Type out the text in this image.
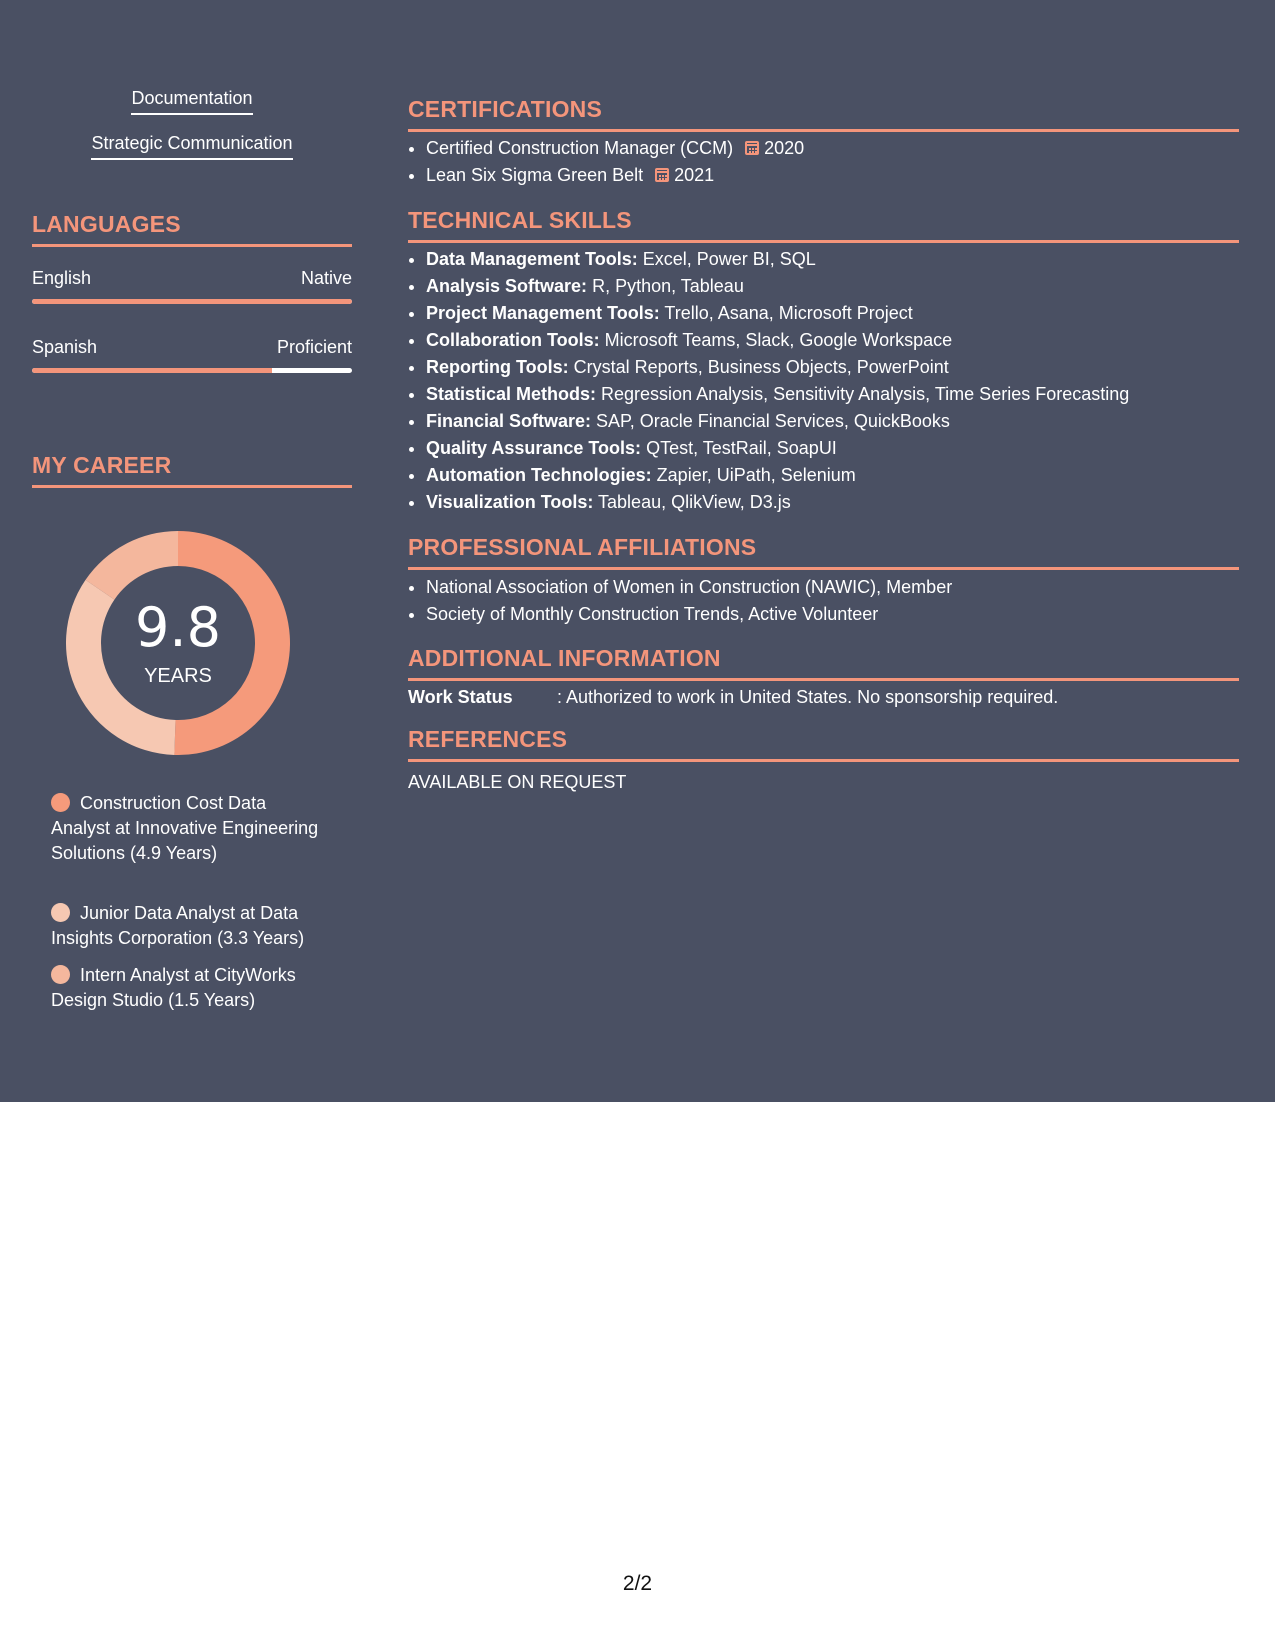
Documentation
Strategic Communication
LANGUAGES
English	Native
Spanish	Proficient
MY CAREER
9.8
YEARS
Construction Cost Data Analyst at Innovative Engineering Solutions (4.9 Years)
Junior Data Analyst at Data Insights Corporation (3.3 Years)
Intern Analyst at CityWorks Design Studio (1.5 Years)
CERTIFICATIONS
• Certified Construction Manager (CCM) 2020
• Lean Six Sigma Green Belt 2021
TECHNICAL SKILLS
• Data Management Tools: Excel, Power BI, SQL
• Analysis Software: R, Python, Tableau
• Project Management Tools: Trello, Asana, Microsoft Project
• Collaboration Tools: Microsoft Teams, Slack, Google Workspace
• Reporting Tools: Crystal Reports, Business Objects, PowerPoint
• Statistical Methods: Regression Analysis, Sensitivity Analysis, Time Series Forecasting
• Financial Software: SAP, Oracle Financial Services, QuickBooks
• Quality Assurance Tools: QTest, TestRail, SoapUI
• Automation Technologies: Zapier, UiPath, Selenium
• Visualization Tools: Tableau, QlikView, D3.js
PROFESSIONAL AFFILIATIONS
• National Association of Women in Construction (NAWIC), Member
• Society of Monthly Construction Trends, Active Volunteer
ADDITIONAL INFORMATION
Work Status : Authorized to work in United States. No sponsorship required.
REFERENCES
AVAILABLE ON REQUEST
2/2
